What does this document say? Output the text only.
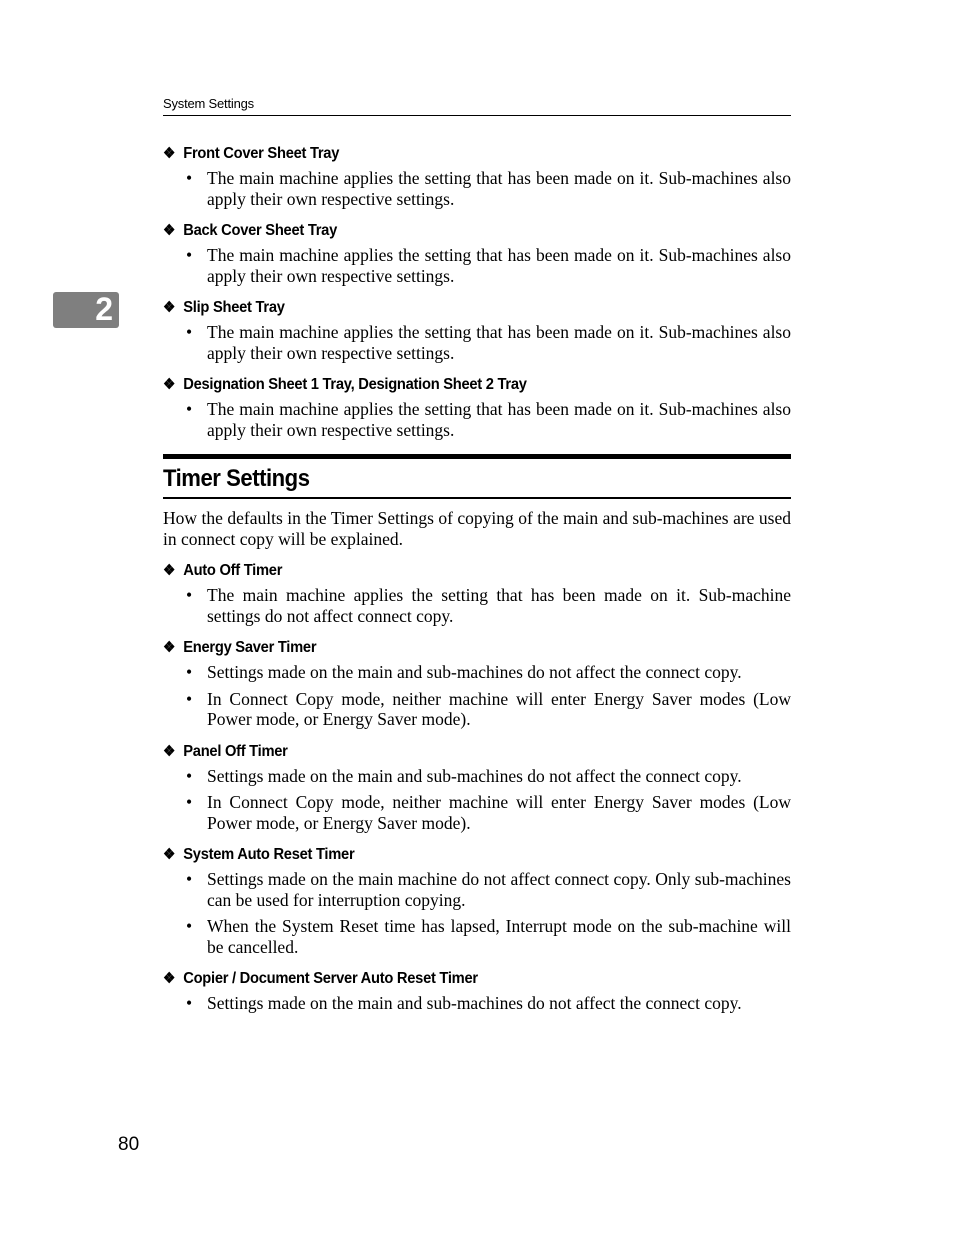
System Settings
2
❖ Front Cover Sheet Tray
• The main machine applies the setting that has been made on it. Sub-machines also apply their own respective settings.
❖ Back Cover Sheet Tray
• The main machine applies the setting that has been made on it. Sub-machines also apply their own respective settings.
❖ Slip Sheet Tray
• The main machine applies the setting that has been made on it. Sub-machines also apply their own respective settings.
❖ Designation Sheet 1 Tray, Designation Sheet 2 Tray
• The main machine applies the setting that has been made on it. Sub-machines also apply their own respective settings.
Timer Settings

How the defaults in the Timer Settings of copying of the main and sub-machines are used in connect copy will be explained.

❖ Auto Off Timer
• The main machine applies the setting that has been made on it. Sub-machine settings do not affect connect copy.
❖ Energy Saver Timer
• Settings made on the main and sub-machines do not affect the connect copy.
• In Connect Copy mode, neither machine will enter Energy Saver modes (Low Power mode, or Energy Saver mode).
❖ Panel Off Timer
• Settings made on the main and sub-machines do not affect the connect copy.
• In Connect Copy mode, neither machine will enter Energy Saver modes (Low Power mode, or Energy Saver mode).
❖ System Auto Reset Timer
• Settings made on the main machine do not affect connect copy. Only sub-machines can be used for interruption copying.
• When the System Reset time has lapsed, Interrupt mode on the sub-machine will be cancelled.
❖ Copier / Document Server Auto Reset Timer
• Settings made on the main and sub-machines do not affect the connect copy.
80
